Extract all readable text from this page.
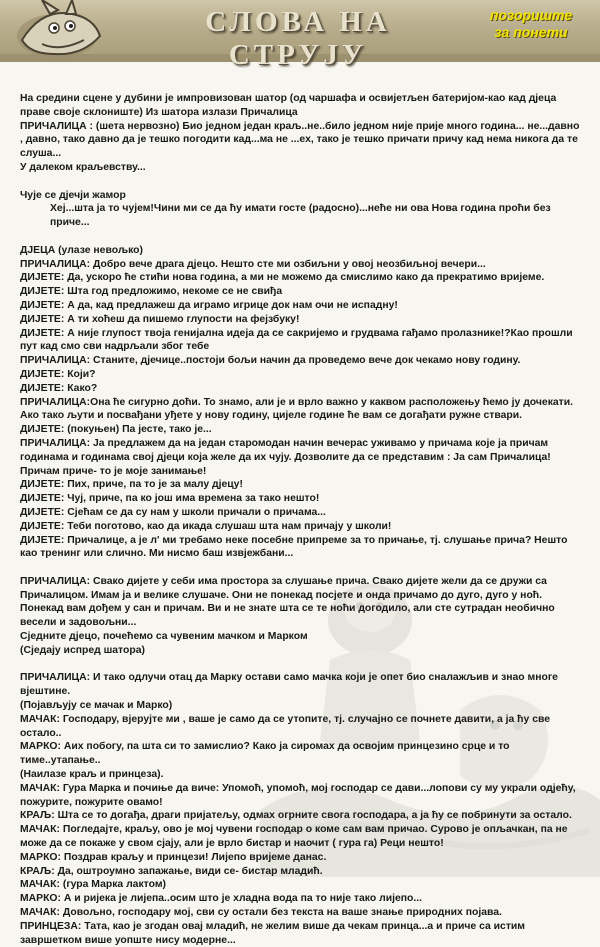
СЛОВА НА СТРУЈУ
позориште
за понети

На средини сцене у дубини је импровизован шатор (од чаршафа и освијетљен батеријом-као кад дјеца праве своје склониште) Из шатора излази Причалица

ПРИЧАЛИЦА : (шета нервозно) Био једном један краљ..не..било једном није прије много година... не...давно , давно, тако давно да је тешко погодити кад...ма не ...ех, тако је тешко причати причу кад нема никога да те слуша...

У далеком краљевству...

Чује се дјечји жамор

Хеј...шта ја то чујем!Чини ми се да ћу имати госте (радосно)...неће ни ова Нова година проћи без приче...

ДЈЕЦА (улазе невољко)

ПРИЧАЛИЦА: Добро вече драга дјецо. Нешто сте ми озбиљни у овој неозбиљној вечери...

ДИЈЕТЕ: Да, ускоро ће стићи нова година, а ми не можемо да смислимо како да прекратимо вријеме.

ДИЈЕТЕ: Шта год предложимо, некоме се не свиђа

ДИЈЕТЕ: А да, кад предлажеш да играмо игрице док нам очи не испадну!

ДИЈЕТЕ: А ти хоћеш да пишемо глупости на фејзбуку!

ДИЈЕТЕ: А није глупост твоја генијална идеја да се сакријемо и грудвама гађамо пролазнике!?Као прошли пут кад смо сви надрљали због тебе

ПРИЧАЛИЦА: Станите, дјечице..постоји бољи начин да проведемо вече док чекамо нову годину.

ДИЈЕТЕ: Који?

ДИЈЕТЕ: Како?

ПРИЧАЛИЦА:Она ће сигурно доћи. То знамо, али је и врло важно у каквом расположењу ћемо ју дочекати. Ако тако љути и посвађани уђете у нову годину, цијеле године ће вам се догађати ружне ствари.

ДИЈЕТЕ: (покуњен) Па јесте, тако је...

ПРИЧАЛИЦА: Ја предлажем да на један старомодан начин вечерас уживамо у причама које ја причам годинама и годинама свој дјеци која желе да их чују. Дозволите да се представим : Ја сам Причалица! Причам приче- то је моје занимање!

ДИЈЕТЕ: Пих, приче, па то је за малу дјецу!

ДИЈЕТЕ: Чуј, приче, па ко још има времена за тако нешто!

ДИЈЕТЕ: Сјећам се да су нам у школи причали о причама...

ДИЈЕТЕ: Теби поготово, као да икада слушаш шта нам причају у школи!

ДИЈЕТЕ: Причалице, а је л' ми требамо неке посебне припреме за то причање, тј. слушање прича? Нешто као тренинг или слично. Ми нисмо баш извјежбани...

ПРИЧАЛИЦА: Свако дијете у себи има простора за слушање прича. Свако дијете жели да се дружи са Причалицом. Имам ја и велике слушаче. Они не понекад посјете и онда причамо до дуго, дуго у ноћ. Понекад вам дођем у сан и причам. Ви и не знате шта се те ноћи догодило, али сте сутрадан необично весели и задовољни...

Сједните дјецо, почећемо са чувеним мачком и Марком

(Сједају испред шатора)

ПРИЧАЛИЦА: И тако одлучи отац да Марку остави само мачка који је опет био сналажљив и знао многе вјештине.

(Појављују се мачак и Марко)

МАЧАК: Господару, вјерујте ми , ваше је само да се утопите, тј. случајно се почнете давити, а ја ћу све остало..

МАРКО: Аих побогу, па шта си то замислио? Како ја сиромах да освојим принцезино срце и то тиме..утапање..

(Наилазе краљ и принцеза).

МАЧАК: Гура Марка и почиње да виче: Упомоћ, упомоћ, мој господар се дави...лопови су му украли одјећу, пожурите, пожурите овамо!

КРАЉ: Шта се то догађа, драги пријатељу, одмах огрните свога господара, а ја ћу се побринути за остало.

МАЧАК: Погледајте, краљу, ово је мој чувени господар о коме сам вам причао. Сурово је опљачкан, па не може да се покаже у свом сјају, али је врло бистар и наочит ( гура га) Реци нешто!

МАРКО: Поздрав краљу и принцези! Лијепо вријеме данас.

КРАЉ: Да, оштроумно запажање, види се- бистар младић.

МАЧАК: (гура Марка лактом)

МАРКО: А и ријека је лијепа..осим што је хладна вода па то није тако лијепо...

МАЧАК: Довољно, господару мој, сви су остали без текста на ваше знање природних појава.

ПРИНЦЕЗА: Тата, као је згодан овај младић, не желим више да чекам принца...а и приче са истим завршетком више уопште нису модерне...
